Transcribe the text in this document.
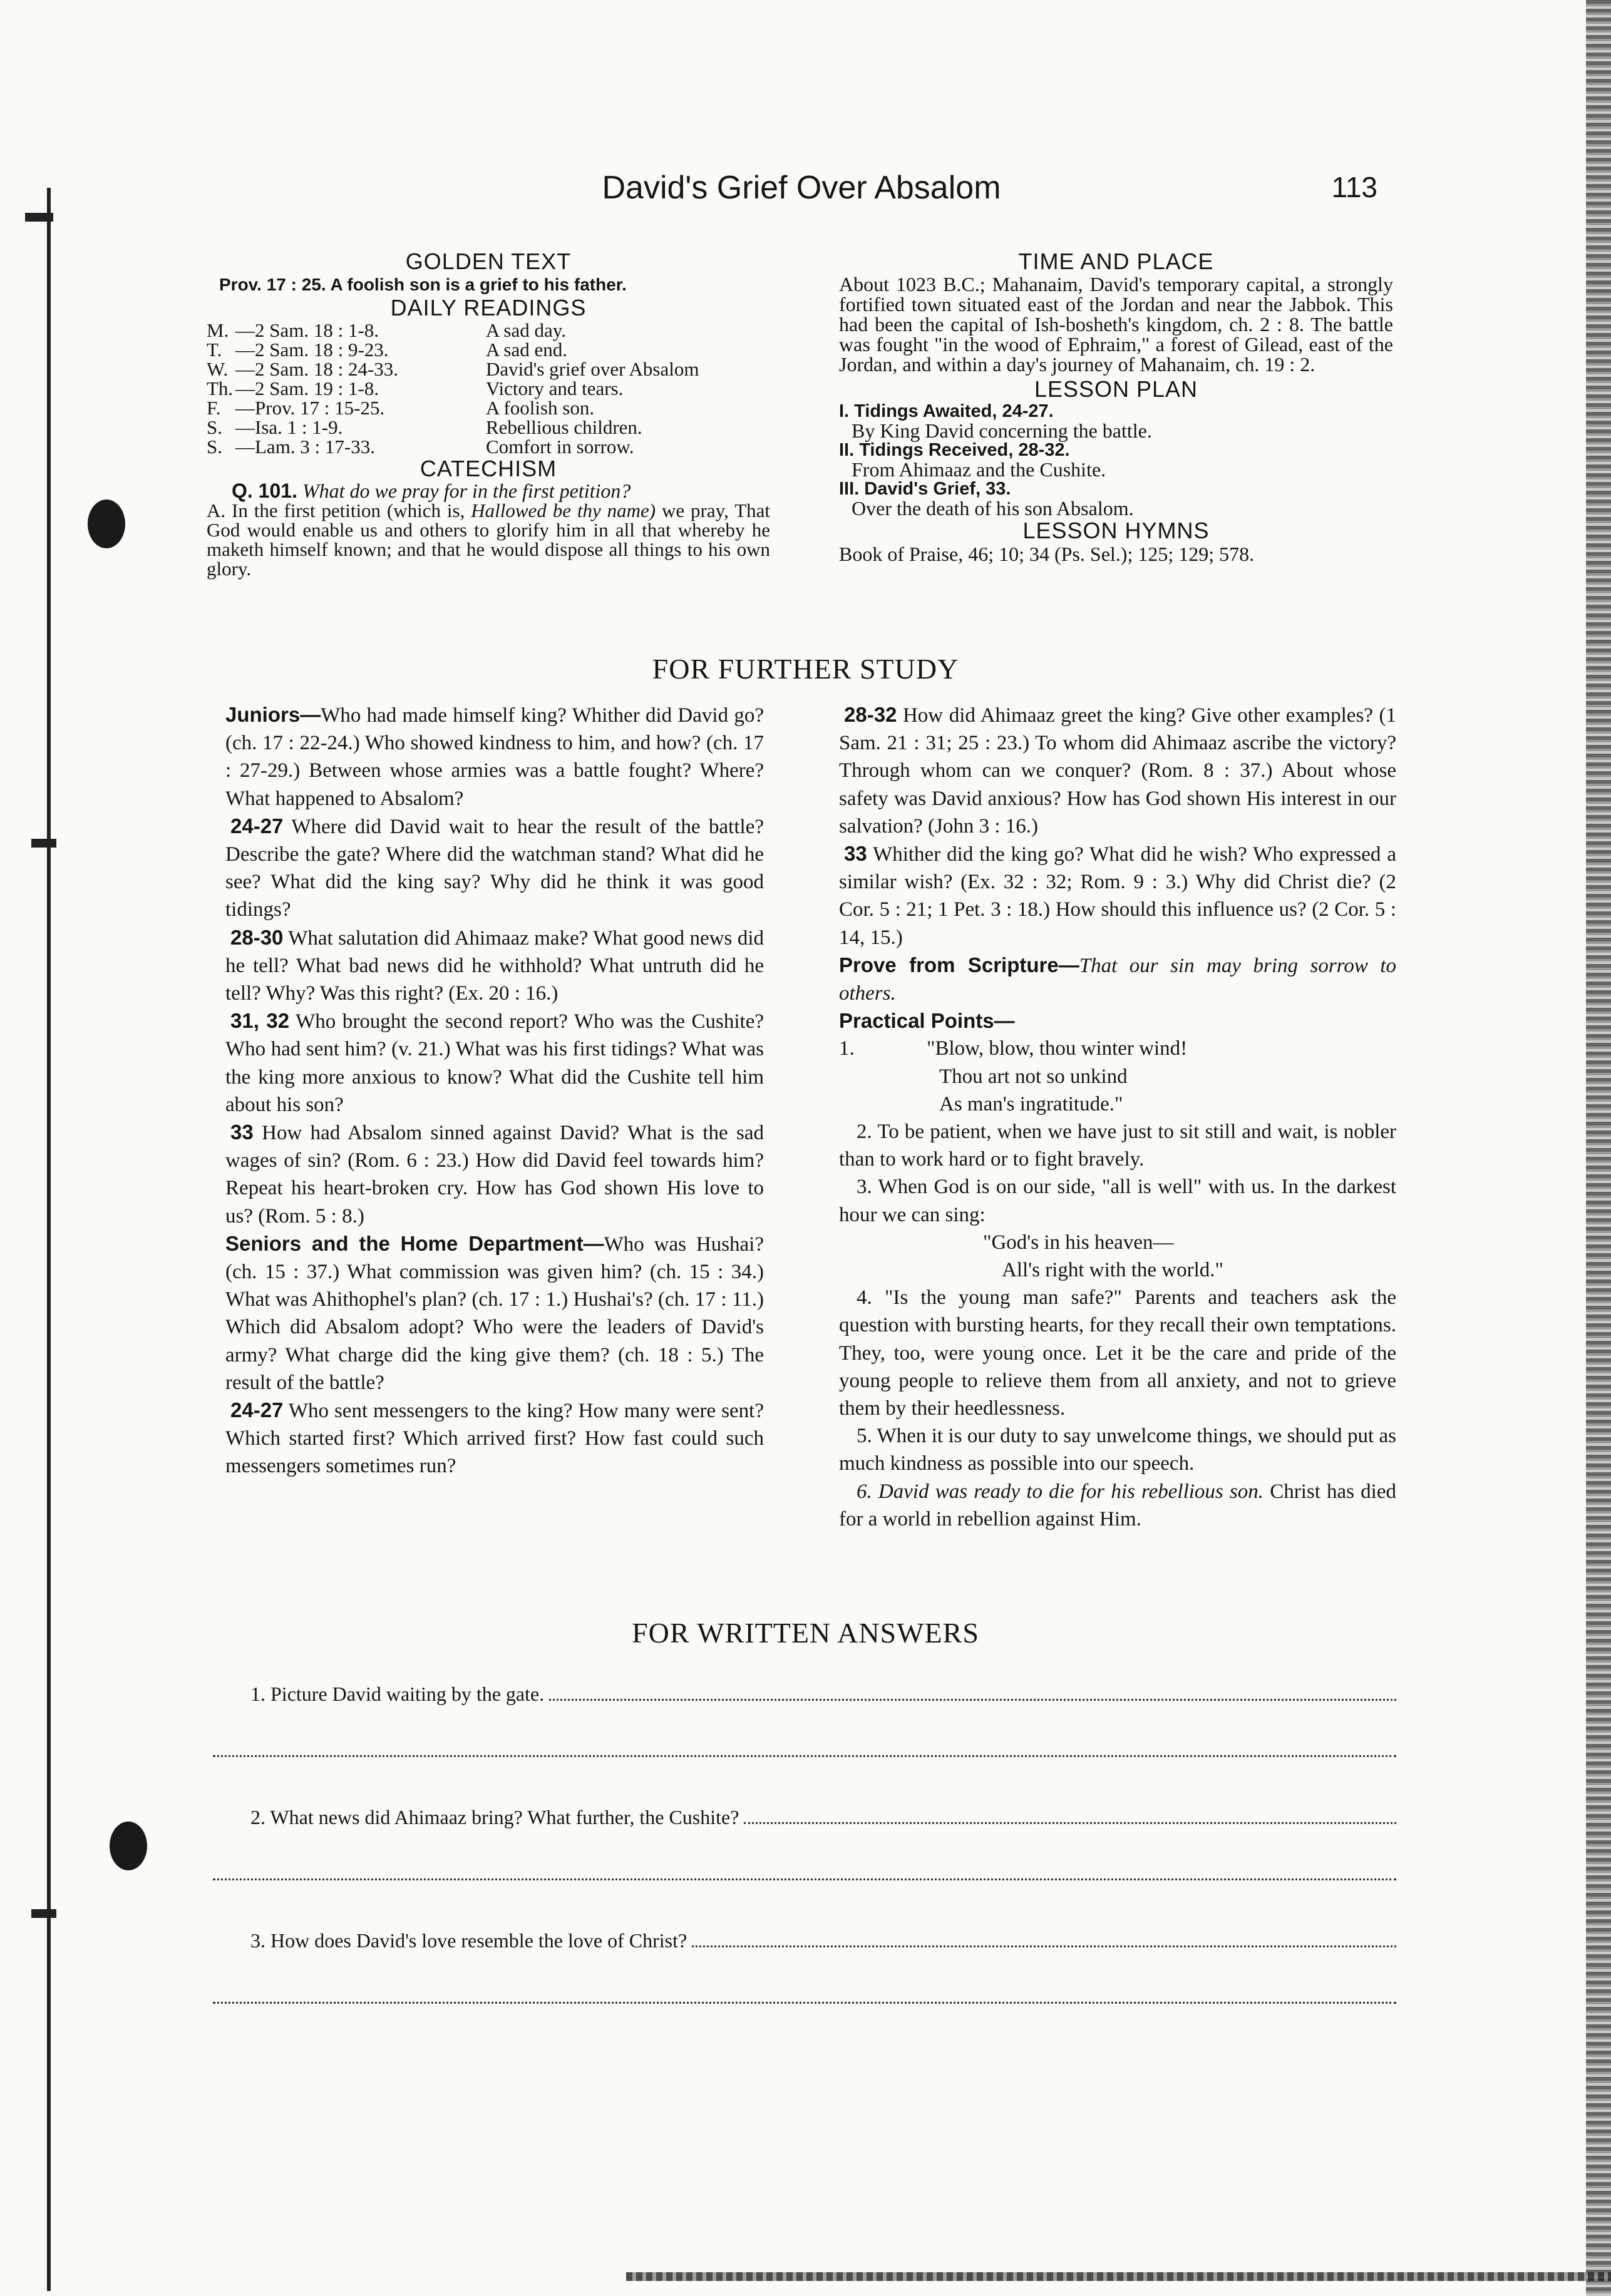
David's Grief Over Absalom	113
GOLDEN TEXT
Prov. 17 : 25. A foolish son is a grief to his father.
DAILY READINGS
M.	—2 Sam. 18 : 1-8.	A sad day.
T.	—2 Sam. 18 : 9-23.	A sad end.
W.	—2 Sam. 18 : 24-33.	David's grief over Absalom
Th.	—2 Sam. 19 : 1-8.	Victory and tears.
F.	—Prov. 17 : 15-25.	A foolish son.
S.	—Isa. 1 : 1-9.	Rebellious children.
S.	—Lam. 3 : 17-33.	Comfort in sorrow.
CATECHISM
Q. 101. What do we pray for in the first petition?
A. In the first petition (which is, Hallowed be thy name) we pray, That God would enable us and others to glorify him in all that whereby he maketh himself known; and that he would dispose all things to his own glory.
TIME AND PLACE
About 1023 B.C.; Mahanaim, David's temporary capital, a strongly fortified town situated east of the Jordan and near the Jabbok. This had been the capital of Ish-bosheth's kingdom, ch. 2 : 8. The battle was fought "in the wood of Ephraim," a forest of Gilead, east of the Jordan, and within a day's journey of Mahanaim, ch. 19 : 2.
LESSON PLAN
I. Tidings Awaited, 24-27.
By King David concerning the battle.
II. Tidings Received, 28-32.
From Ahimaaz and the Cushite.
III. David's Grief, 33.
Over the death of his son Absalom.
LESSON HYMNS
Book of Praise, 46; 10; 34 (Ps. Sel.); 125; 129; 578.
FOR FURTHER STUDY

Juniors—Who had made himself king? Whither did David go? (ch. 17 : 22-24.) Who showed kindness to him, and how? (ch. 17 : 27-29.) Between whose armies was a battle fought? Where? What happened to Absalom?

24-27 Where did David wait to hear the result of the battle? Describe the gate? Where did the watchman stand? What did he see? What did the king say? Why did he think it was good tidings?

28-30 What salutation did Ahimaaz make? What good news did he tell? What bad news did he withhold? What untruth did he tell? Why? Was this right? (Ex. 20 : 16.)

31, 32 Who brought the second report? Who was the Cushite? Who had sent him? (v. 21.) What was his first tidings? What was the king more anxious to know? What did the Cushite tell him about his son?

33 How had Absalom sinned against David? What is the sad wages of sin? (Rom. 6 : 23.) How did David feel towards him? Repeat his heart-broken cry. How has God shown His love to us? (Rom. 5 : 8.)

Seniors and the Home Department—Who was Hushai? (ch. 15 : 37.) What commission was given him? (ch. 15 : 34.) What was Ahithophel's plan? (ch. 17 : 1.) Hushai's? (ch. 17 : 11.) Which did Absalom adopt? Who were the leaders of David's army? What charge did the king give them? (ch. 18 : 5.) The result of the battle?

24-27 Who sent messengers to the king? How many were sent? Which started first? Which arrived first? How fast could such messengers sometimes run?

28-32 How did Ahimaaz greet the king? Give other examples? (1 Sam. 21 : 31; 25 : 23.) To whom did Ahimaaz ascribe the victory? Through whom can we conquer? (Rom. 8 : 37.) About whose safety was David anxious? How has God shown His interest in our salvation? (John 3 : 16.)

33 Whither did the king go? What did he wish? Who expressed a similar wish? (Ex. 32 : 32; Rom. 9 : 3.) Why did Christ die? (2 Cor. 5 : 21; 1 Pet. 3 : 18.) How should this influence us? (2 Cor. 5 : 14, 15.)

Prove from Scripture—That our sin may bring sorrow to others.

Practical Points—

1.	"Blow, blow, thou winter wind!

Thou art not so unkind

As man's ingratitude."

2. To be patient, when we have just to sit still and wait, is nobler than to work hard or to fight bravely.

3. When God is on our side, "all is well" with us. In the darkest hour we can sing:

"God's in his heaven—

All's right with the world."

4. "Is the young man safe?" Parents and teachers ask the question with bursting hearts, for they recall their own temptations. They, too, were young once. Let it be the care and pride of the young people to relieve them from all anxiety, and not to grieve them by their heedlessness.

5. When it is our duty to say unwelcome things, we should put as much kindness as possible into our speech.

6. David was ready to die for his rebellious son. Christ has died for a world in rebellion against Him.

FOR WRITTEN ANSWERS
1. Picture David waiting by the gate.
2. What news did Ahimaaz bring? What further, the Cushite?
3. How does David's love resemble the love of Christ?
